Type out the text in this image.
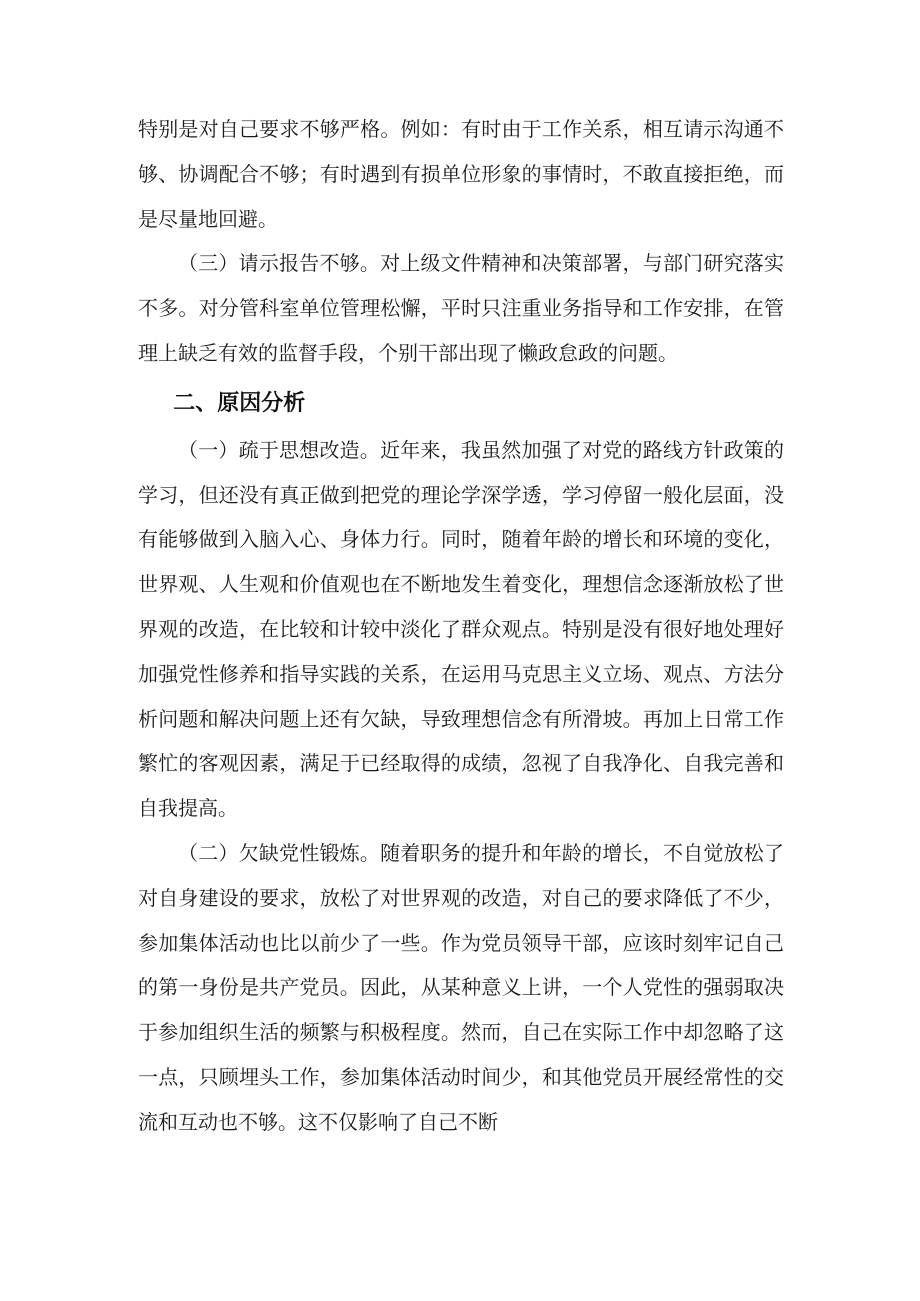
特别是对自己要求不够严格。例如：有时由于工作关系，相互请示沟通不够、协调配合不够；有时遇到有损单位形象的事情时，不敢直接拒绝，而是尽量地回避。

（三）请示报告不够。对上级文件精神和决策部署，与部门研究落实不多。对分管科室单位管理松懈，平时只注重业务指导和工作安排，在管理上缺乏有效的监督手段，个别干部出现了懒政怠政的问题。

二、原因分析

（一）疏于思想改造。近年来，我虽然加强了对党的路线方针政策的学习，但还没有真正做到把党的理论学深学透，学习停留一般化层面，没有能够做到入脑入心、身体力行。同时，随着年龄的增长和环境的变化，世界观、人生观和价值观也在不断地发生着变化，理想信念逐渐放松了世界观的改造，在比较和计较中淡化了群众观点。特别是没有很好地处理好加强党性修养和指导实践的关系，在运用马克思主义立场、观点、方法分析问题和解决问题上还有欠缺，导致理想信念有所滑坡。再加上日常工作繁忙的客观因素，满足于已经取得的成绩，忽视了自我净化、自我完善和自我提高。

（二）欠缺党性锻炼。随着职务的提升和年龄的增长，不自觉放松了对自身建设的要求，放松了对世界观的改造，对自己的要求降低了不少，参加集体活动也比以前少了一些。作为党员领导干部，应该时刻牢记自己的第一身份是共产党员。因此，从某种意义上讲，一个人党性的强弱取决于参加组织生活的频繁与积极程度。然而，自己在实际工作中却忽略了这一点，只顾埋头工作，参加集体活动时间少，和其他党员开展经常性的交流和互动也不够。这不仅影响了自己不断
